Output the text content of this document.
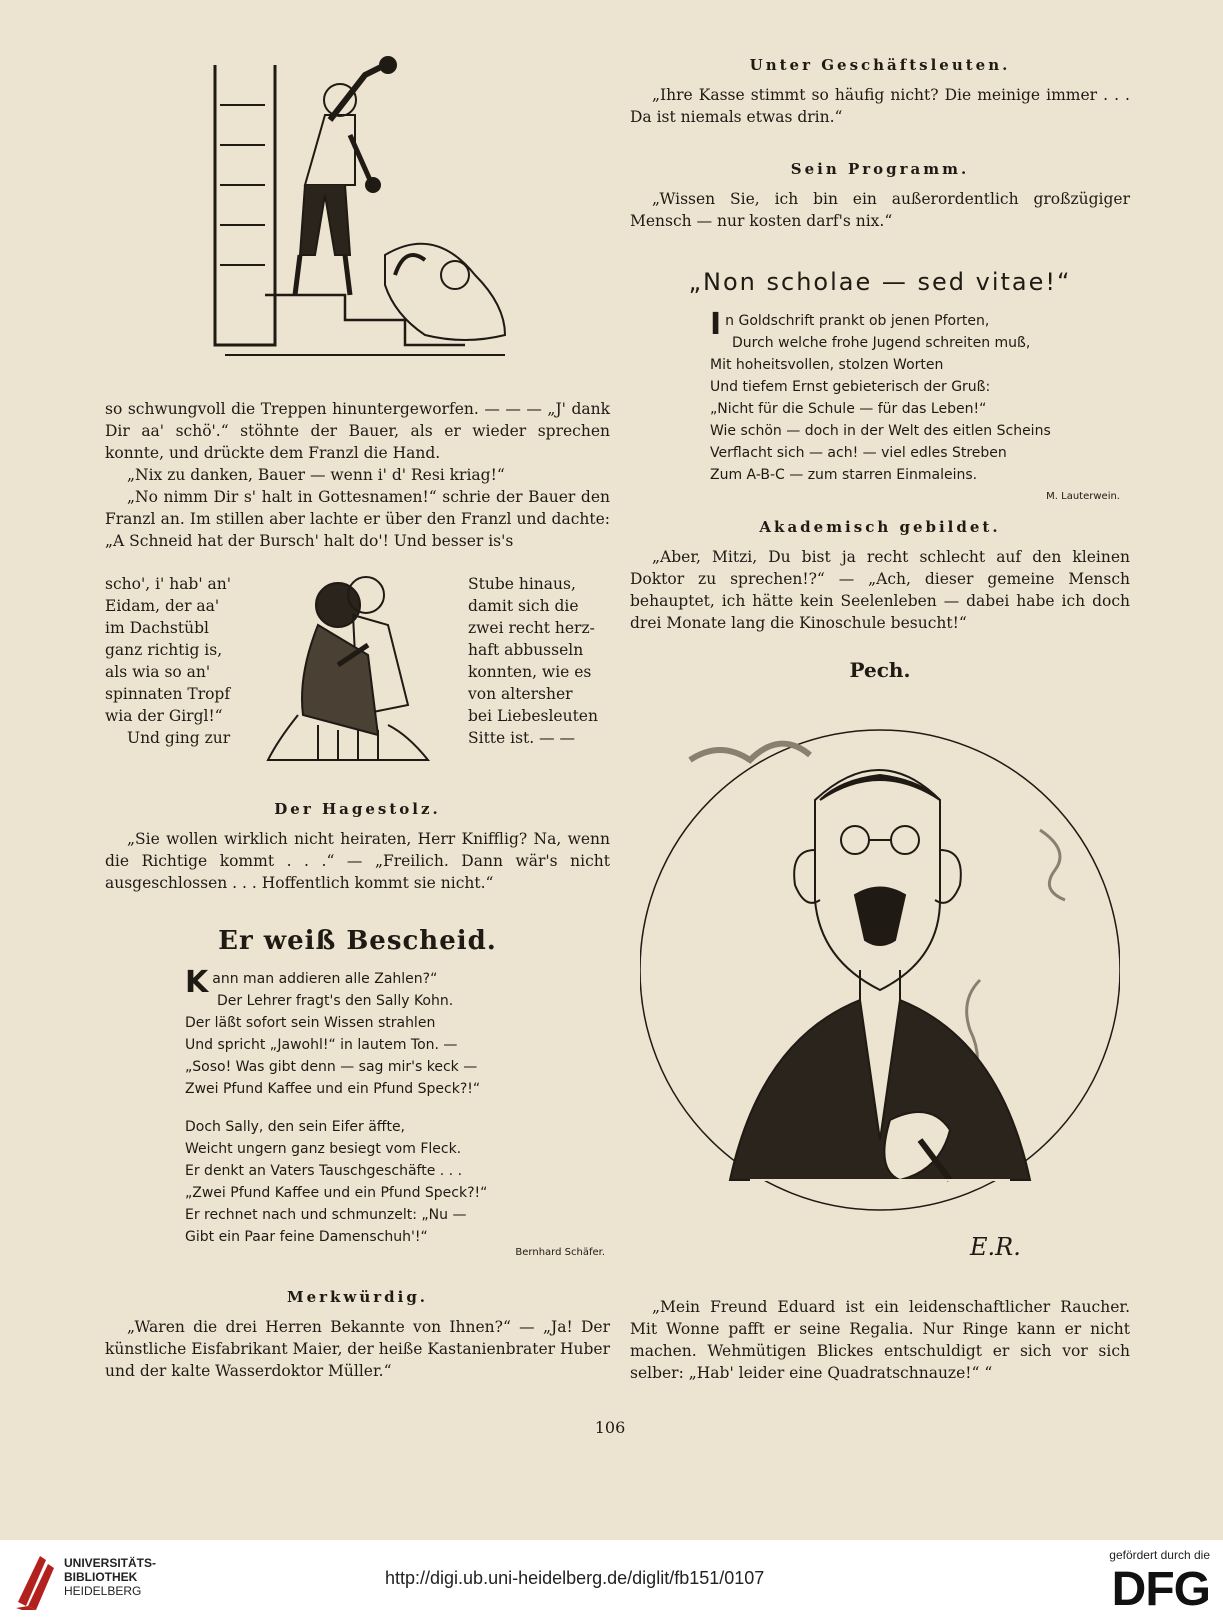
so schwungvoll die Treppen hinuntergeworfen. — — — „J' dank Dir aa' schö'.“ stöhnte der Bauer, als er wieder sprechen konnte, und drückte dem Franzl die Hand.

„Nix zu danken, Bauer — wenn i' d' Resi kriag!“

„No nimm Dir s' halt in Gottesnamen!“ schrie der Bauer den Franzl an. Im stillen aber lachte er über den Franzl und dachte: „A Schneid hat der Bursch' halt do'! Und besser is's

scho', i' hab' an'
Eidam, der aa'
im Dachstübl
ganz richtig is,
als wia so an'
spinnaten Tropf
wia der Girgl!“
Und ging zur
Stube hinaus,
damit sich die
zwei recht herz-
haft abbusseln
konnten, wie es
von altersher
bei Liebesleuten
Sitte ist. — —

Der Hagestolz.

„Sie wollen wirklich nicht heiraten, Herr Knifflig? Na, wenn die Richtige kommt . . .“ — „Freilich. Dann wär's nicht ausgeschlossen . . . Hoffentlich kommt sie nicht.“

Er weiß Bescheid.

Kann man addieren alle Zahlen?“
Der Lehrer fragt's den Sally Kohn.
Der läßt sofort sein Wissen strahlen
Und spricht „Jawohl!“ in lautem Ton. —
„Soso! Was gibt denn — sag mir's keck —
Zwei Pfund Kaffee und ein Pfund Speck?!“
Doch Sally, den sein Eifer äffte,
Weicht ungern ganz besiegt vom Fleck.
Er denkt an Vaters Tauschgeschäfte . . .
„Zwei Pfund Kaffee und ein Pfund Speck?!“
Er rechnet nach und schmunzelt: „Nu —
Gibt ein Paar feine Damenschuh'!“
Bernhard Schäfer.

Merkwürdig.

„Waren die drei Herren Bekannte von Ihnen?“ — „Ja! Der künstliche Eisfabrikant Maier, der heiße Kastanienbrater Huber und der kalte Wasserdoktor Müller.“

Unter Geschäftsleuten.

„Ihre Kasse stimmt so häufig nicht? Die meinige immer . . . Da ist niemals etwas drin.“

Sein Programm.

„Wissen Sie, ich bin ein außerordentlich großzügiger Mensch — nur kosten darf's nix.“

„Non scholae — sed vitae!“

In Goldschrift prankt ob jenen Pforten,
Durch welche frohe Jugend schreiten muß,
Mit hoheitsvollen, stolzen Worten
Und tiefem Ernst gebieterisch der Gruß:
„Nicht für die Schule — für das Leben!“
Wie schön — doch in der Welt des eitlen Scheins
Verflacht sich — ach! — viel edles Streben
Zum A-B-C — zum starren Einmaleins.
M. Lauterwein.

Akademisch gebildet.

„Aber, Mitzi, Du bist ja recht schlecht auf den kleinen Doktor zu sprechen!?“ — „Ach, dieser gemeine Mensch behauptet, ich hätte kein Seelenleben — dabei habe ich doch drei Monate lang die Kinoschule besucht!“

Pech.

E.R.

„Mein Freund Eduard ist ein leidenschaftlicher Raucher. Mit Wonne pafft er seine Regalia. Nur Ringe kann er nicht machen. Wehmütigen Blickes entschuldigt er sich vor sich selber: „Hab' leider eine Quadratschnauze!“ “

106
UNIVERSITÄTS-
BIBLIOTHEK
HEIDELBERG
http://digi.ub.uni-heidelberg.de/diglit/fb151/0107
gefördert durch die
DFG
